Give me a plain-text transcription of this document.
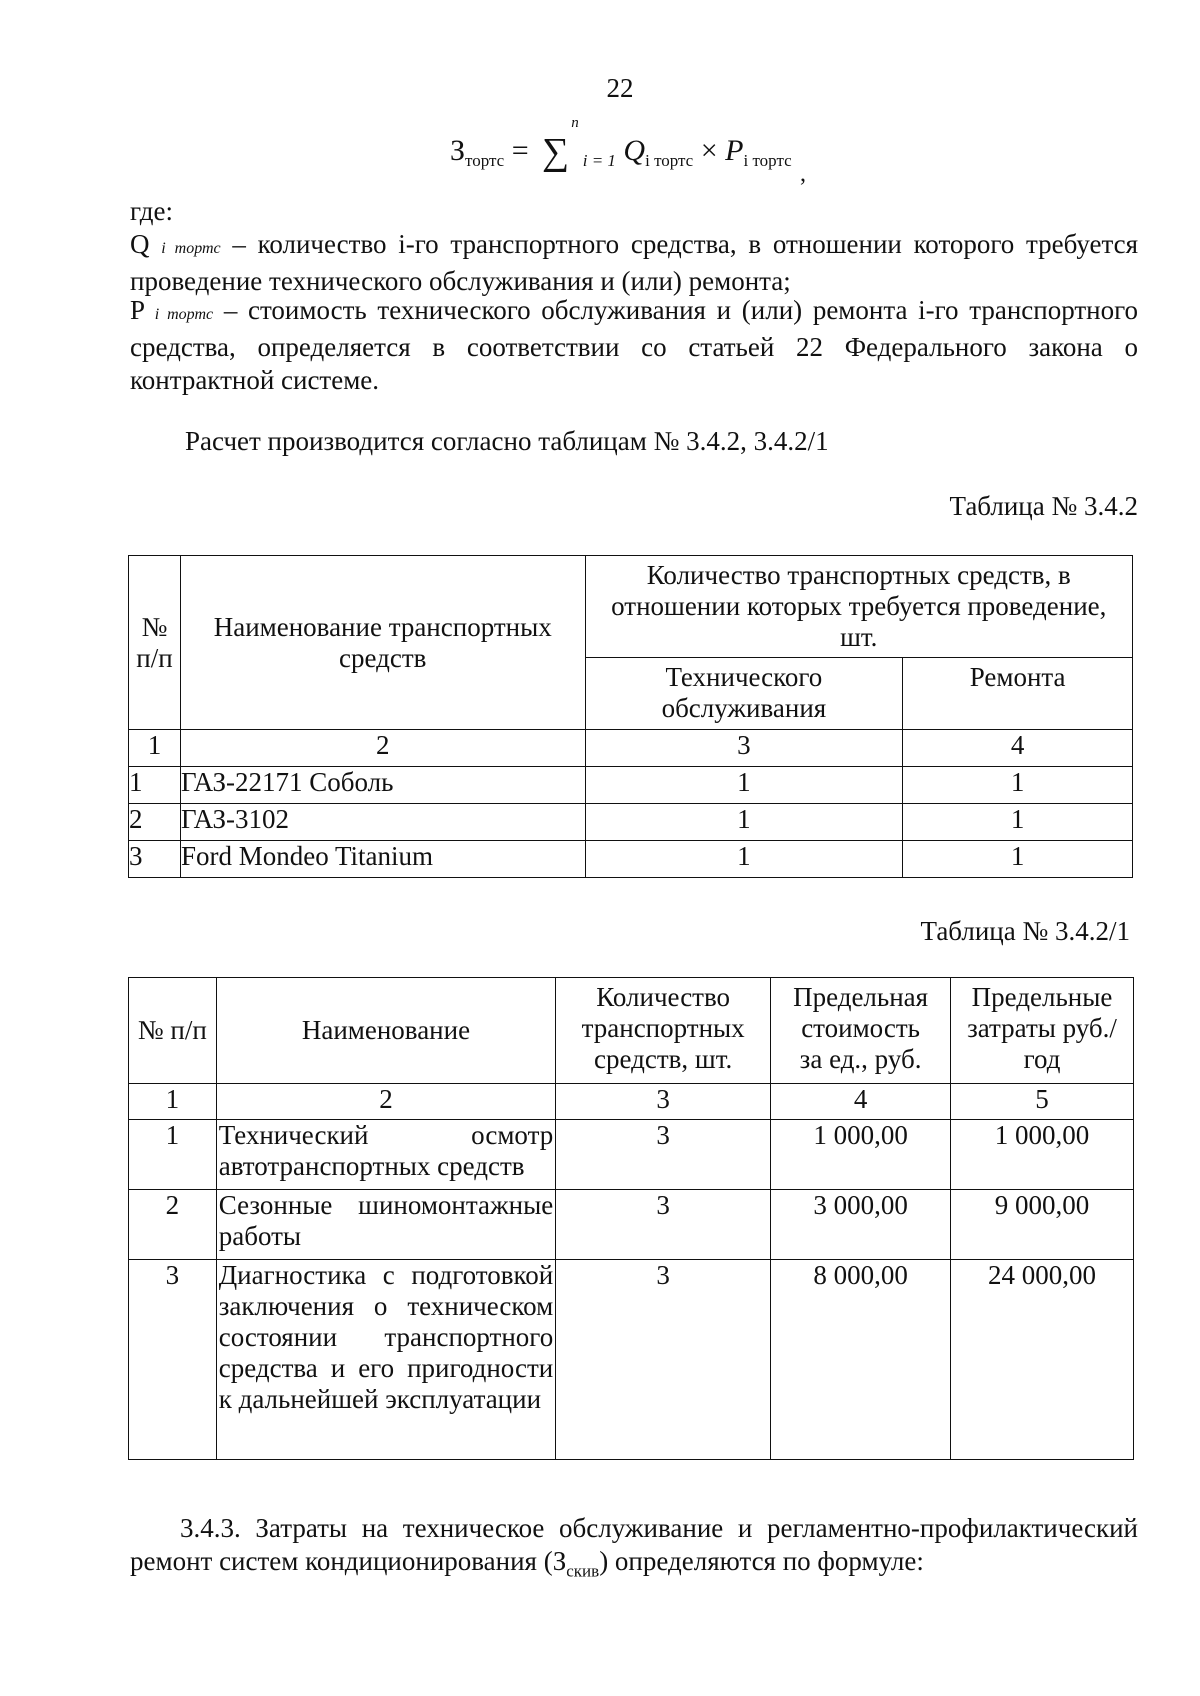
22
$З_{тортс} = \sum^n_{i = 1}$ $Q_{i тортс} \times P_{i тортс}$
,
где:
Q i тортс – количество i-го транспортного средства, в отношении которого требуется проведение технического обслуживания и (или) ремонта;
P i тортс – стоимость технического обслуживания и (или) ремонта i-го транспортного средства, определяется в соответствии со статьей 22 Федерального закона о контрактной системе.
Расчет производится согласно таблицам № 3.4.2, 3.4.2/1
Таблица № 3.4.2
№ п/п	Наименование транспортных средств	Количество транспортных средств, в отношении которых требуется проведение, шт.	
		Технического обслуживания	Ремонта
1	2	3	4
1	ГАЗ-22171 Соболь	1	1
2	ГАЗ-3102	1	1
3	Ford Mondeo Titanium	1	1
Таблица № 3.4.2/1
№ п/п	Наименование	Количество транспортных средств, шт.	Предельная стоимость за ед., руб.	Предельные затраты руб./год
1	2	3	4	5
1	Технический осмотр автотранспортных средств	3	1 000,00	1 000,00
2	Сезонные шиномонтажные работы	3	3 000,00	9 000,00
3	Диагностика с подготовкой заключения о техническом состоянии транспортного средства и его пригодности к дальнейшей эксплуатации	3	8 000,00	24 000,00
3.4.3. Затраты на техническое обслуживание и регламентно-профилактический ремонт систем кондиционирования $(З_{скив})$ определяются по формуле:
